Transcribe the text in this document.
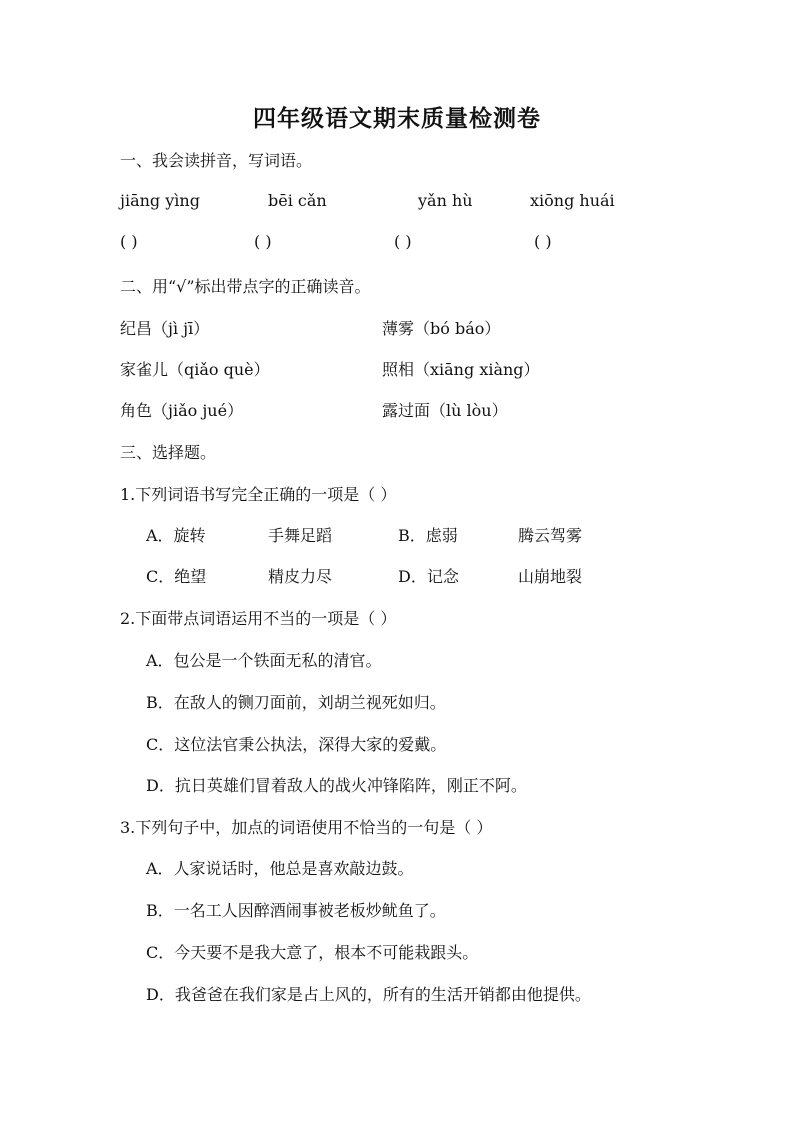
四年级语文期末质量检测卷
一、我会读拼音，写词语。
jiāng yìng	bēi cǎn	yǎn hù	xiōng huái
( )	( )	( )	( )
二、用“√”标出带点字的正确读音。
纪昌（jì jī）	薄雾（bó báo）
家雀儿（qiǎo què）	照相（xiāng xiàng）
角色（jiǎo jué）	露过面（lù lòu）
三、选择题。
1.下列词语书写完全正确的一项是（ ）
A．旋转	手舞足蹈	B．虑弱	腾云驾雾
C．绝望	精皮力尽	D．记念	山崩地裂
2.下面带点词语运用不当的一项是（ ）
A．包公是一个铁面无私的清官。
B．在敌人的铡刀面前，刘胡兰视死如归。
C．这位法官秉公执法，深得大家的爱戴。
D．抗日英雄们冒着敌人的战火冲锋陷阵，刚正不阿。
3.下列句子中，加点的词语使用不恰当的一句是（ ）
A．人家说话时，他总是喜欢敲边鼓。
B．一名工人因醉酒闹事被老板炒鱿鱼了。
C．今天要不是我大意了，根本不可能栽跟头。
D．我爸爸在我们家是占上风的，所有的生活开销都由他提供。
